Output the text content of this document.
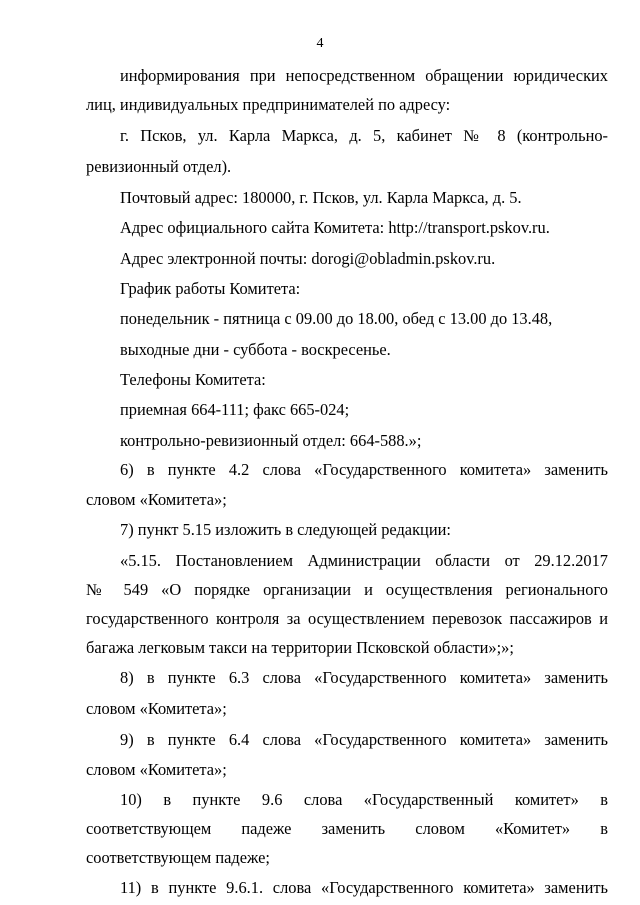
4
информирования при непосредственном обращении юридических
лиц, индивидуальных предпринимателей по адресу:
г. Псков, ул. Карла Маркса, д. 5, кабинет № 8 (контрольно-
ревизионный отдел).
Почтовый адрес: 180000, г. Псков, ул. Карла Маркса, д. 5.
Адрес официального сайта Комитета: http://transport.pskov.ru.
Адрес электронной почты: dorogi@obladmin.pskov.ru.
График работы Комитета:
понедельник - пятница с 09.00 до 18.00, обед с 13.00 до 13.48,
выходные дни - суббота - воскресенье.
Телефоны Комитета:
приемная 664-111; факс 665-024;
контрольно-ревизионный отдел: 664-588.»;
6) в пункте 4.2 слова «Государственного комитета» заменить
словом «Комитета»;
7) пункт 5.15 изложить в следующей редакции:
«5.15. Постановлением Администрации области от 29.12.2017
№ 549 «О порядке организации и осуществления регионального
государственного контроля за осуществлением перевозок пассажиров и
багажа легковым такси на территории Псковской области»;»;
8) в пункте 6.3 слова «Государственного комитета» заменить
словом «Комитета»;
9) в пункте 6.4 слова «Государственного комитета» заменить
словом «Комитета»;
10) в пункте 9.6 слова «Государственный комитет» в
соответствующем падеже заменить словом «Комитет» в
соответствующем падеже;
11) в пункте 9.6.1. слова «Государственного комитета» заменить
